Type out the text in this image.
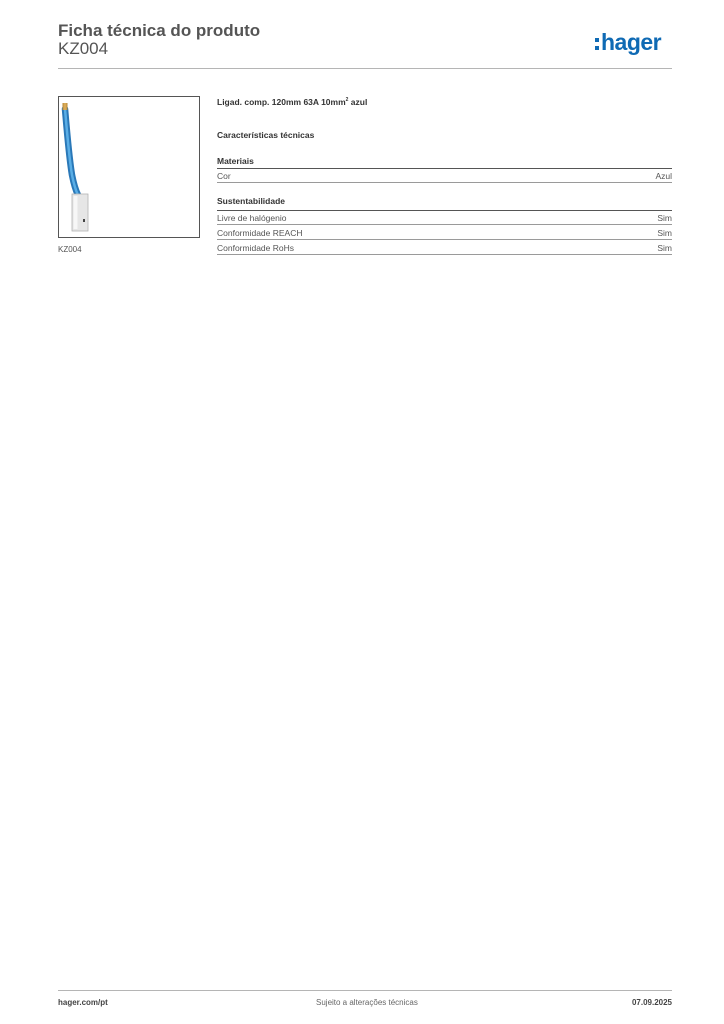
Ficha técnica do produto
KZ004	hager
KZ004
Ligad. comp. 120mm 63A $10mm^2$ azul
Características técnicas
Materiais
Cor	Azul
Sustentabilidade
Livre de halógenio	Sim
Conformidade REACH	Sim
Conformidade RoHs	Sim
hager.com/pt	Sujeito a alterações técnicas	07.09.2025
